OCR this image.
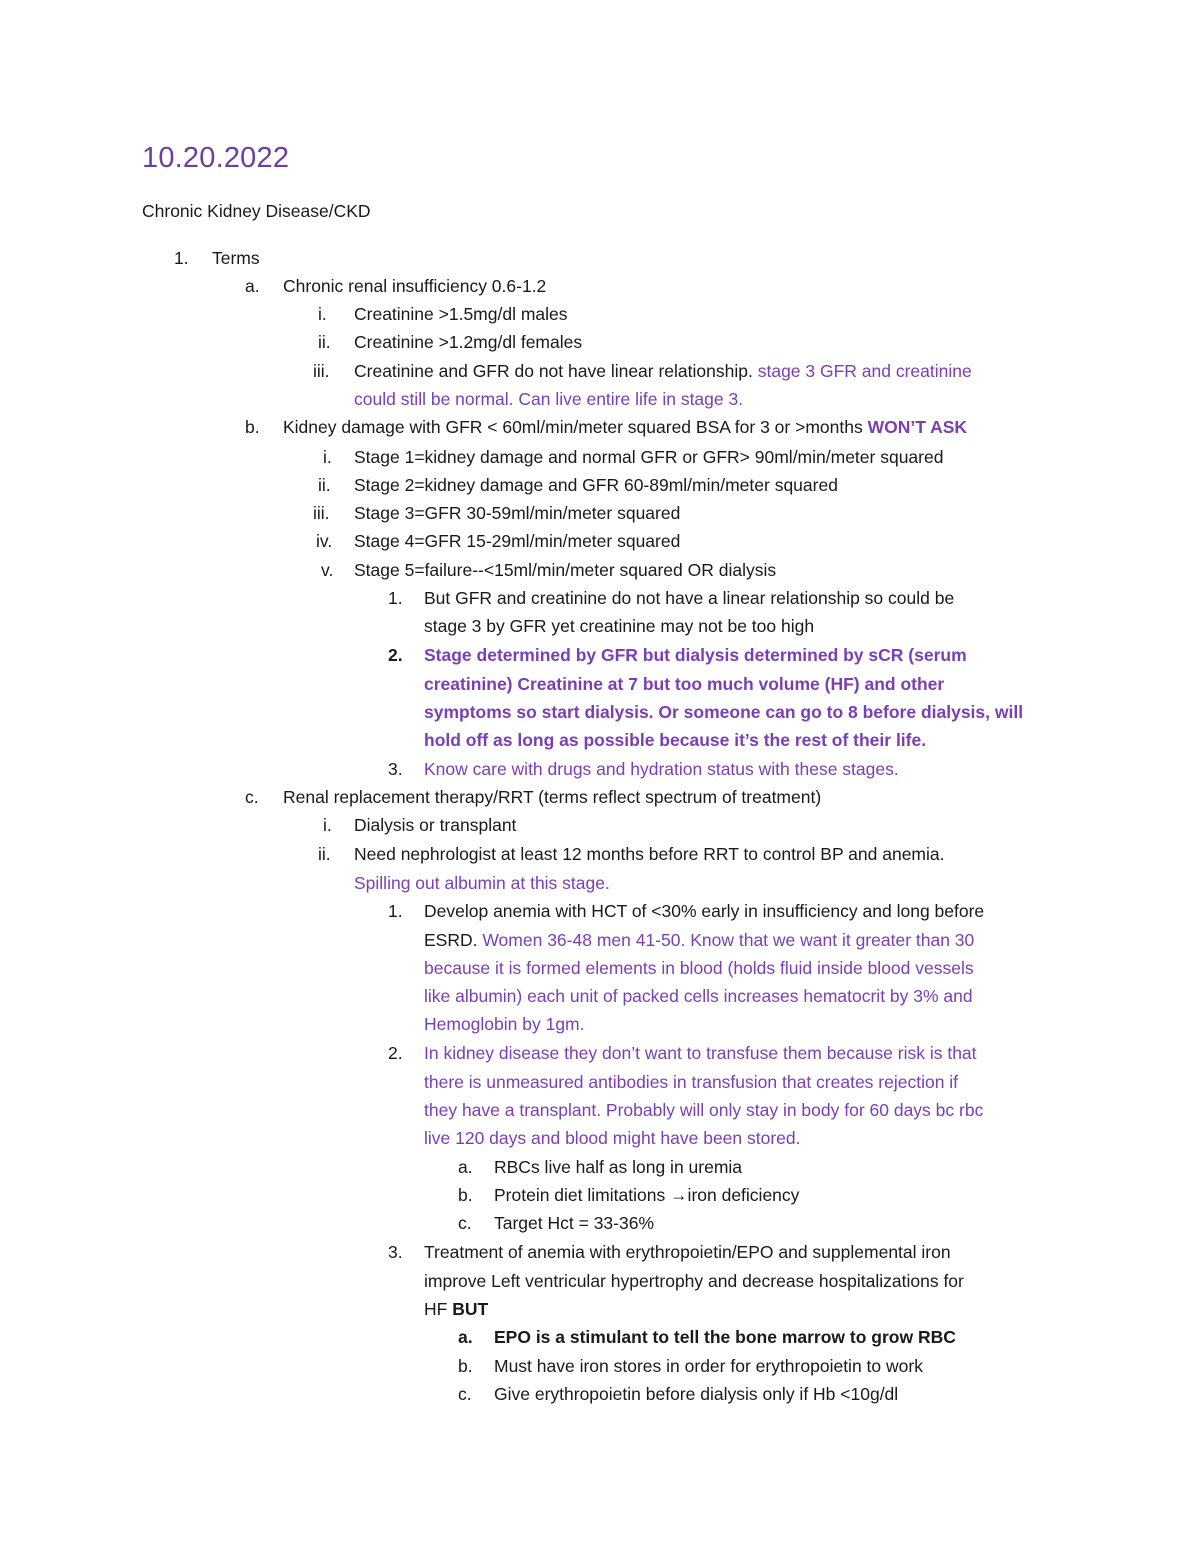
10.20.2022
Chronic Kidney Disease/CKD
1. Terms
a. Chronic renal insufficiency 0.6-1.2
i. Creatinine >1.5mg/dl males
ii. Creatinine >1.2mg/dl females
iii. Creatinine and GFR do not have linear relationship. stage 3 GFR and creatinine
could still be normal. Can live entire life in stage 3.
b. Kidney damage with GFR < 60ml/min/meter squared BSA for 3 or >months WON’T ASK
i. Stage 1=kidney damage and normal GFR or GFR> 90ml/min/meter squared
ii. Stage 2=kidney damage and GFR 60-89ml/min/meter squared
iii. Stage 3=GFR 30-59ml/min/meter squared
iv. Stage 4=GFR 15-29ml/min/meter squared
v. Stage 5=failure--<15ml/min/meter squared OR dialysis
1. But GFR and creatinine do not have a linear relationship so could be
stage 3 by GFR yet creatinine may not be too high
2. Stage determined by GFR but dialysis determined by sCR (serum
creatinine) Creatinine at 7 but too much volume (HF) and other
symptoms so start dialysis. Or someone can go to 8 before dialysis, will
hold off as long as possible because it’s the rest of their life.
3. Know care with drugs and hydration status with these stages.
c. Renal replacement therapy/RRT (terms reflect spectrum of treatment)
i. Dialysis or transplant
ii. Need nephrologist at least 12 months before RRT to control BP and anemia.
Spilling out albumin at this stage.
1. Develop anemia with HCT of <30% early in insufficiency and long before
ESRD. Women 36-48 men 41-50. Know that we want it greater than 30
because it is formed elements in blood (holds fluid inside blood vessels
like albumin) each unit of packed cells increases hematocrit by 3% and
Hemoglobin by 1gm.
2. In kidney disease they don’t want to transfuse them because risk is that
there is unmeasured antibodies in transfusion that creates rejection if
they have a transplant. Probably will only stay in body for 60 days bc rbc
live 120 days and blood might have been stored.
a. RBCs live half as long in uremia
b. Protein diet limitations →iron deficiency
c. Target Hct = 33-36%
3. Treatment of anemia with erythropoietin/EPO and supplemental iron
improve Left ventricular hypertrophy and decrease hospitalizations for
HF BUT
a. EPO is a stimulant to tell the bone marrow to grow RBC
b. Must have iron stores in order for erythropoietin to work
c. Give erythropoietin before dialysis only if Hb <10g/dl
